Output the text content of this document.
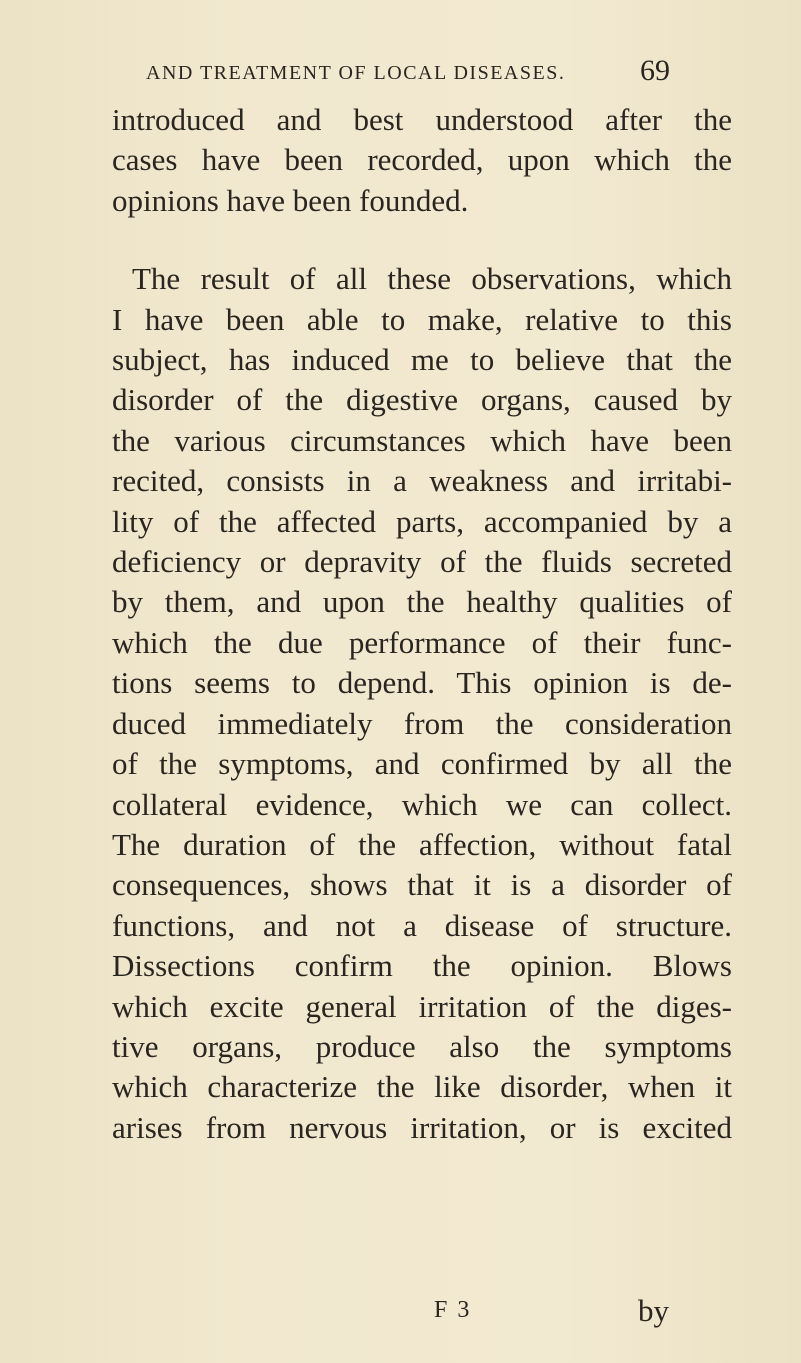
AND TREATMENT OF LOCAL DISEASES. 69

introduced and best understood after the
cases have been recorded, upon which the
opinions have been founded.

The result of all these observations, which
I have been able to make, relative to this
subject, has induced me to believe that the
disorder of the digestive organs, caused by
the various circumstances which have been
recited, consists in a weakness and irritabi-
lity of the affected parts, accompanied by a
deficiency or depravity of the fluids secreted
by them, and upon the healthy qualities of
which the due performance of their func-
tions seems to depend. This opinion is de-
duced immediately from the consideration
of the symptoms, and confirmed by all the
collateral evidence, which we can collect.
The duration of the affection, without fatal
consequences, shows that it is a disorder of
functions, and not a disease of structure.
Dissections confirm the opinion. Blows
which excite general irritation of the diges-
tive organs, produce also the symptoms
which characterize the like disorder, when it
arises from nervous irritation, or is excited

F 3	by
